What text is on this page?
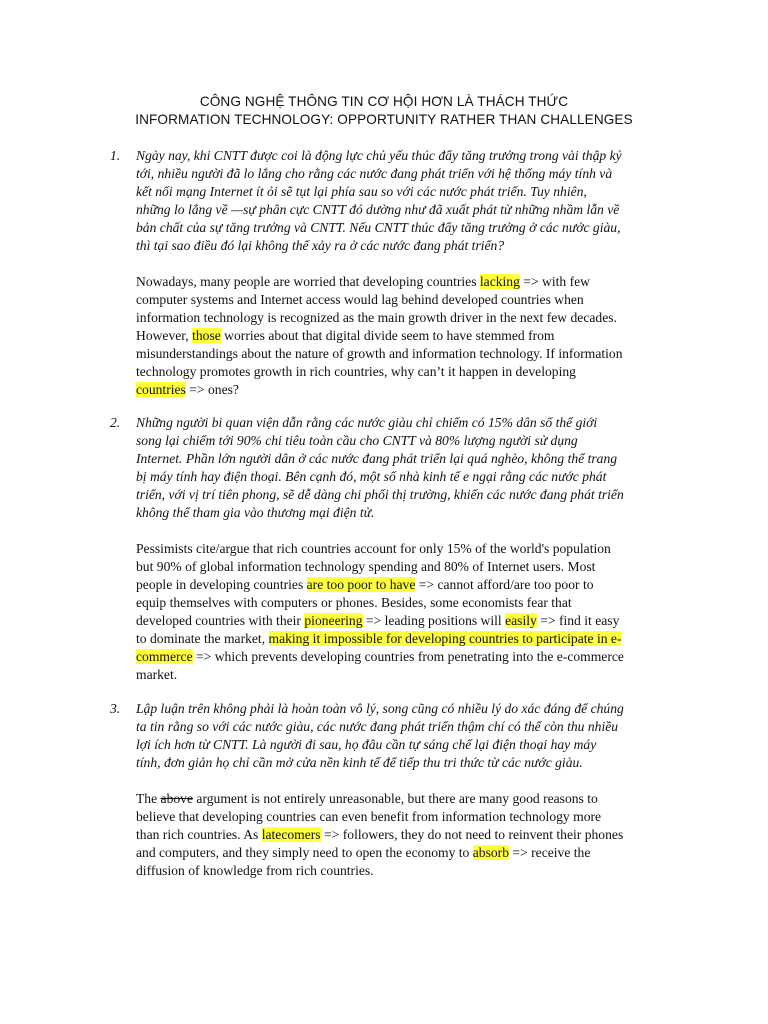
CÔNG NGHỆ THÔNG TIN CƠ HỘI HƠN LÀ THÁCH THỨC
INFORMATION TECHNOLOGY: OPPORTUNITY RATHER THAN CHALLENGES
1. Ngày nay, khi CNTT được coi là động lực chủ yếu thúc đẩy tăng trưởng trong vài thập kỷ
tới, nhiều người đã lo lắng cho rằng các nước đang phát triển với hệ thống máy tính và
kết nối mạng Internet ít ỏi sẽ tụt lại phía sau so với các nước phát triển. Tuy nhiên,
những lo lắng về —sự phân cực CNTT đó dường như đã xuất phát từ những nhầm lẫn về
bản chất của sự tăng trưởng và CNTT. Nếu CNTT thúc đẩy tăng trưởng ở các nước giàu,
thì tại sao điều đó lại không thể xảy ra ở các nước đang phát triển?
Nowadays, many people are worried that developing countries lacking => with few
computer systems and Internet access would lag behind developed countries when
information technology is recognized as the main growth driver in the next few decades.
However, those worries about that digital divide seem to have stemmed from
misunderstandings about the nature of growth and information technology. If information
technology promotes growth in rich countries, why can’t it happen in developing
countries => ones?
2. Những người bi quan viện dẫn rằng các nước giàu chỉ chiếm có 15% dân số thế giới
song lại chiếm tới 90% chi tiêu toàn cầu cho CNTT và 80% lượng người sử dụng
Internet. Phần lớn người dân ở các nước đang phát triển lại quá nghèo, không thể trang
bị máy tính hay điện thoại. Bên cạnh đó, một số nhà kinh tế e ngại rằng các nước phát
triển, với vị trí tiên phong, sẽ dễ dàng chi phối thị trường, khiến các nước đang phát triển
không thể tham gia vào thương mại điện tử.
Pessimists cite/argue that rich countries account for only 15% of the world's population
but 90% of global information technology spending and 80% of Internet users. Most
people in developing countries are too poor to have => cannot afford/are too poor to
equip themselves with computers or phones. Besides, some economists fear that
developed countries with their pioneering => leading positions will easily => find it easy
to dominate the market, making it impossible for developing countries to participate in e-
commerce => which prevents developing countries from penetrating into the e-commerce
market.
3. Lập luận trên không phải là hoàn toàn vô lý, song cũng có nhiều lý do xác đáng để chúng
ta tin rằng so với các nước giàu, các nước đang phát triển thậm chí có thể còn thu nhiều
lợi ích hơn từ CNTT. Là người đi sau, họ đâu cần tự sáng chế lại điện thoại hay máy
tính, đơn giản họ chỉ cần mở cửa nền kinh tế để tiếp thu tri thức từ các nước giàu.
The above argument is not entirely unreasonable, but there are many good reasons to
believe that developing countries can even benefit from information technology more
than rich countries. As latecomers => followers, they do not need to reinvent their phones
and computers, and they simply need to open the economy to absorb => receive the
diffusion of knowledge from rich countries.
